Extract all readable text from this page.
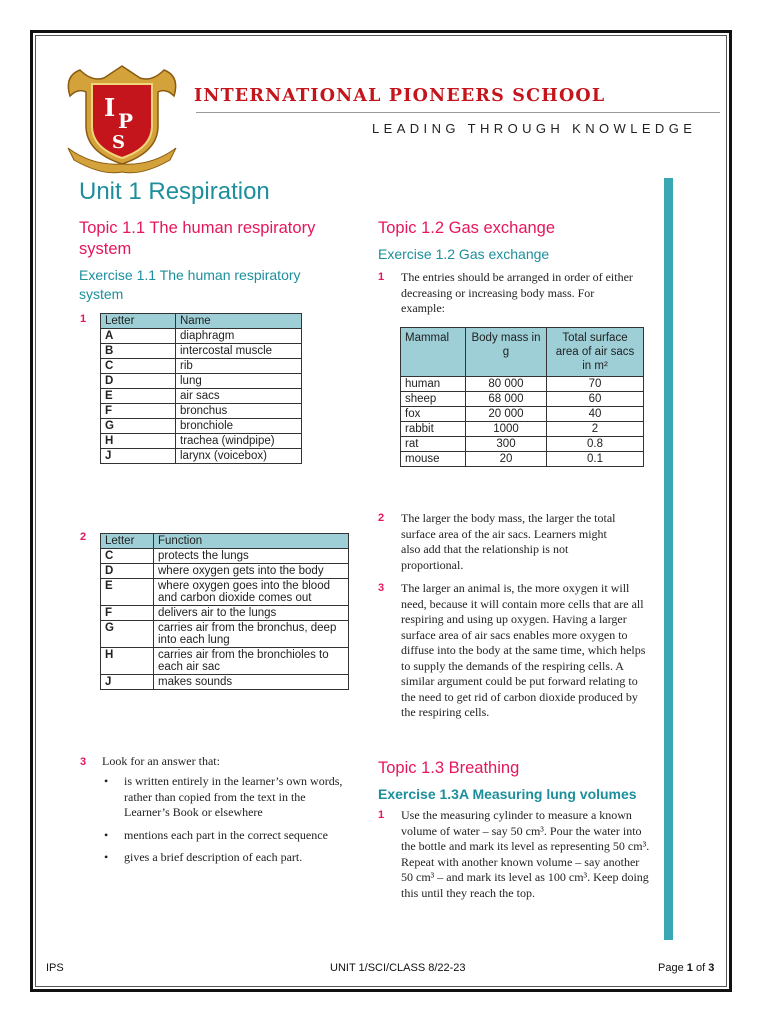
I P
S
INTERNATIONAL PIONEERS SCHOOL
LEADING THROUGH KNOWLEDGE
Unit 1 Respiration
Topic 1.1 The human respiratory
system
Exercise 1.1 The human respiratory
system
1 Letter	Name
A	diaphragm
B	intercostal muscle
C	rib
D	lung
E	air sacs
F	bronchus
G	bronchiole
H	trachea (windpipe)
J	larynx (voicebox)
2 Letter	Function
C	protects the lungs
D	where oxygen gets into the body
E	where oxygen goes into the blood and carbon dioxide comes out
F	delivers air to the lungs
G	carries air from the bronchus, deep into each lung
H	carries air from the bronchioles to each air sac
J	makes sounds
3 Look for an answer that:
• is written entirely in the learner’s own words, rather than copied from the text in the Learner’s Book or elsewhere
• mentions each part in the correct sequence
• gives a brief description of each part.
Topic 1.2 Gas exchange
Exercise 1.2 Gas exchange
1 The entries should be arranged in order of either decreasing or increasing body mass. For example:
Mammal	Body mass in g	Total surface area of air sacs in m²
human	80 000	70
sheep	68 000	60
fox	20 000	40
rabbit	1000	2
rat	300	0.8
mouse	20	0.1
2 The larger the body mass, the larger the total surface area of the air sacs. Learners might also add that the relationship is not proportional.
3 The larger an animal is, the more oxygen it will need, because it will contain more cells that are all respiring and using up oxygen. Having a larger surface area of air sacs enables more oxygen to diffuse into the body at the same time, which helps to supply the demands of the respiring cells. A similar argument could be put forward relating to the need to get rid of carbon dioxide produced by the respiring cells.
Topic 1.3 Breathing
Exercise 1.3A Measuring lung volumes
1 Use the measuring cylinder to measure a known volume of water – say 50 cm³. Pour the water into the bottle and mark its level as representing 50 cm³. Repeat with another known volume – say another 50 cm³ – and mark its level as 100 cm³. Keep doing this until they reach the top.
IPS	UNIT 1/SCI/CLASS 8/22-23	Page 1 of 3
